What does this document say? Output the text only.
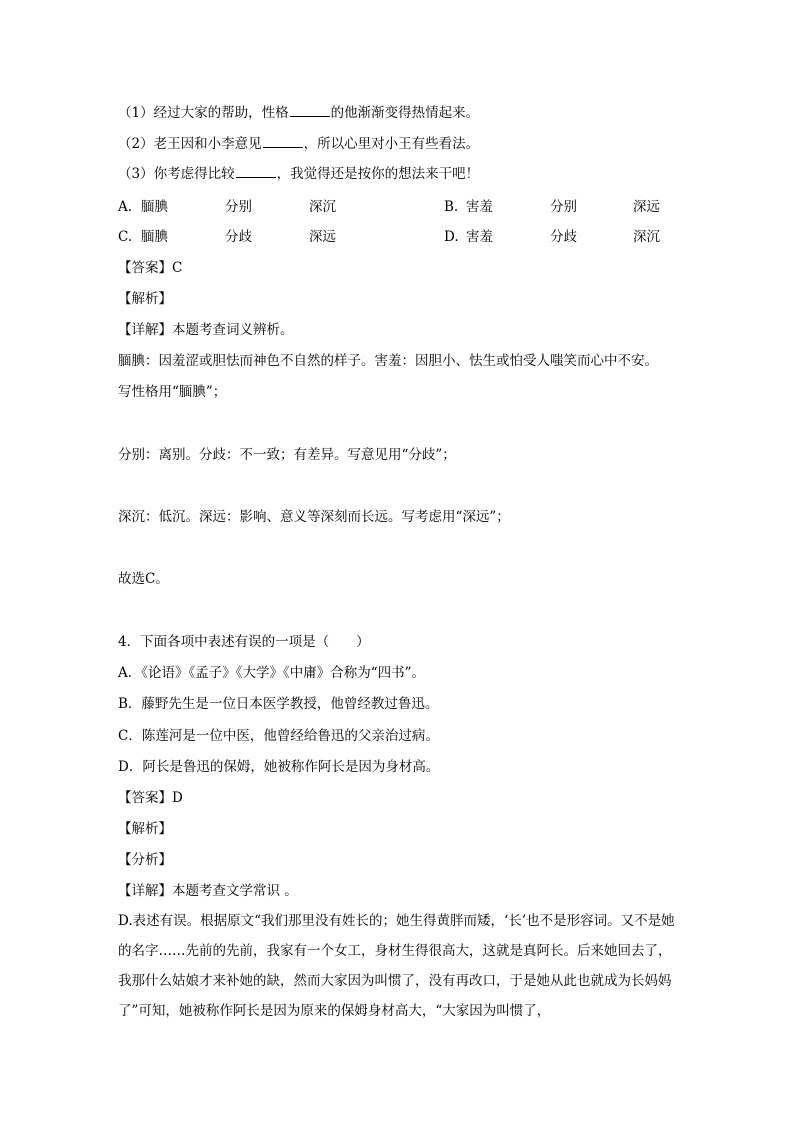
（1）经过大家的帮助，性格	的他渐渐变得热情起来。
（2）老王因和小李意见	，所以心里对小王有些看法。
（3）你考虑得比较	，我觉得还是按你的想法来干吧！
A. 腼腆	分别	深沉	B. 害羞	分别	深远
C. 腼腆	分歧	深远	D. 害羞	分歧	深沉
【答案】C
【解析】
【详解】本题考查词义辨析。
腼腆：因羞涩或胆怯而神色不自然的样子。害羞：因胆小、怯生或怕受人嗤笑而心中不安。
写性格用“腼腆”；
分别：离别。分歧：不一致；有差异。写意见用“分歧”；
深沉：低沉。深远：影响、意义等深刻而长远。写考虑用“深远”；
故选C。
4．下面各项中表述有误的一项是（　　）
A．《论语》《孟子》《大学》《中庸》合称为“四书”。
B．藤野先生是一位日本医学教授，他曾经教过鲁迅。
C．陈莲河是一位中医，他曾经给鲁迅的父亲治过病。
D．阿长是鲁迅的保姆，她被称作阿长是因为身材高。
【答案】D
【解析】
【分析】
【详解】本题考查文学常识 。
D.表述有误。根据原文“我们那里没有姓长的；她生得黄胖而矮，‘长’也不是形容词。又不是她的名字……先前的先前，我家有一个女工，身材生得很高大，这就是真阿长。后来她回去了，我那什么姑娘才来补她的缺，然而大家因为叫惯了，没有再改口，于是她从此也就成为长妈妈了”可知，她被称作阿长是因为原来的保姆身材高大，“大家因为叫惯了，
